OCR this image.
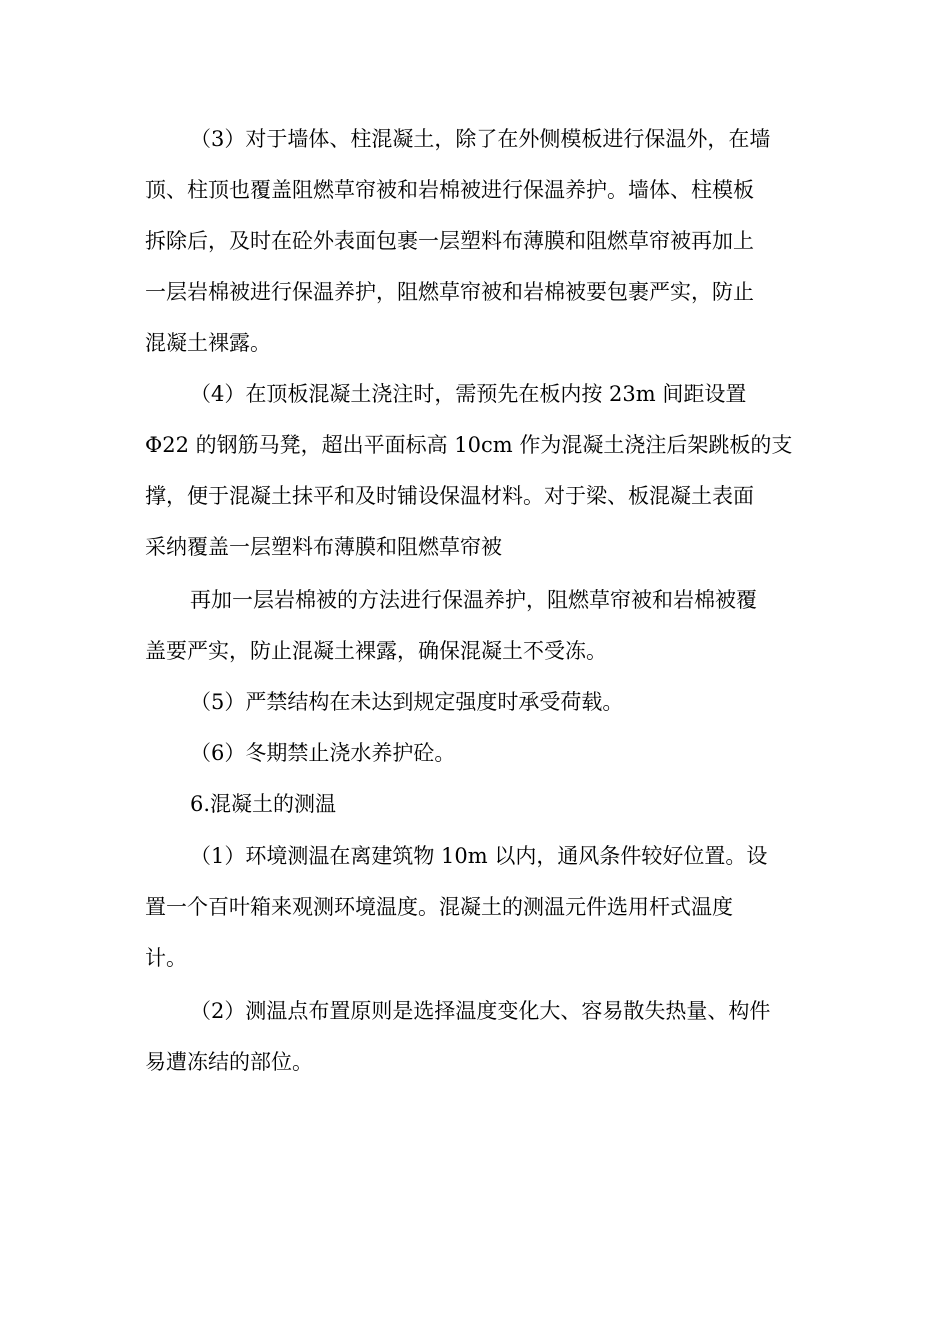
（3）对于墙体、柱混凝土，除了在外侧模板进行保温外，在墙

顶、柱顶也覆盖阻燃草帘被和岩棉被进行保温养护。墙体、柱模板

拆除后，及时在砼外表面包裹一层塑料布薄膜和阻燃草帘被再加上

一层岩棉被进行保温养护，阻燃草帘被和岩棉被要包裹严实，防止

混凝土裸露。

（4）在顶板混凝土浇注时，需预先在板内按 23m 间距设置

Φ22 的钢筋马凳，超出平面标高 10cm 作为混凝土浇注后架跳板的支

撑，便于混凝土抹平和及时铺设保温材料。对于梁、板混凝土表面

采纳覆盖一层塑料布薄膜和阻燃草帘被

再加一层岩棉被的方法进行保温养护，阻燃草帘被和岩棉被覆

盖要严实，防止混凝土裸露，确保混凝土不受冻。

（5）严禁结构在未达到规定强度时承受荷载。

（6）冬期禁止浇水养护砼。

6.混凝土的测温

（1）环境测温在离建筑物 10m 以内，通风条件较好位置。设

置一个百叶箱来观测环境温度。混凝土的测温元件选用杆式温度

计。

（2）测温点布置原则是选择温度变化大、容易散失热量、构件

易遭冻结的部位。
